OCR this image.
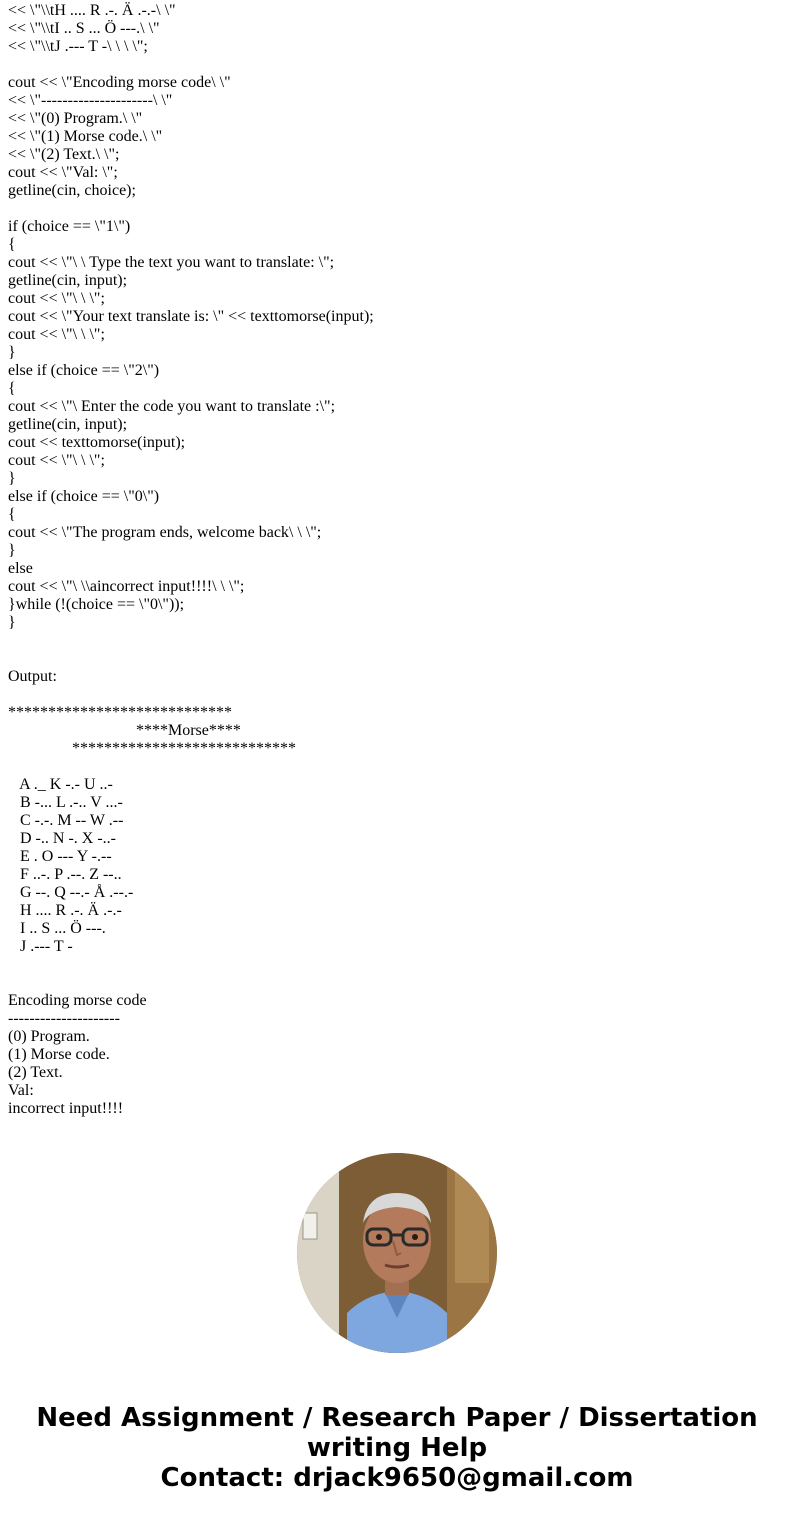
<< \"\\tH .... R .-. Ä .-.-\ \"
<< \"\\tI .. S ... Ö ---.\ \"
<< \"\\tJ .--- T -\ \ \ \";
cout << \"Encoding morse code\ \"
<< \"---------------------\ \"
<< \"(0) Program.\ \"
<< \"(1) Morse code.\ \"
<< \"(2) Text.\ \";
cout << \"Val: \";
getline(cin, choice);
if (choice == \"1\")
{
cout << \"\ \ Type the text you want to translate: \";
getline(cin, input);
cout << \"\ \ \";
cout << \"Your text translate is: \" << texttomorse(input);
cout << \"\ \ \";
}
else if (choice == \"2\")
{
cout << \"\ Enter the code you want to translate :\";
getline(cin, input);
cout << texttomorse(input);
cout << \"\ \ \";
}
else if (choice == \"0\")
{
cout << \"The program ends, welcome back\ \ \";
}
else
cout << \"\ \\aincorrect input!!!!\ \ \";
}while (!(choice == \"0\"));
}
Output:
****************************
****Morse****
****************************
A ._ K -.- U ..-
B -... L .-.. V ...-
C -.-. M -- W .--
D -.. N -. X -..-
E . O --- Y -.--
F ..-. P .--. Z --..
G --. Q --.- Å .--.-
H .... R .-. Ä .-.-
I .. S ... Ö ---.
J .--- T -
Encoding morse code
---------------------
(0) Program.
(1) Morse code.
(2) Text.
Val:
incorrect input!!!!
Need Assignment / Research Paper / Dissertation
writing Help
Contact: drjack9650@gmail.com
